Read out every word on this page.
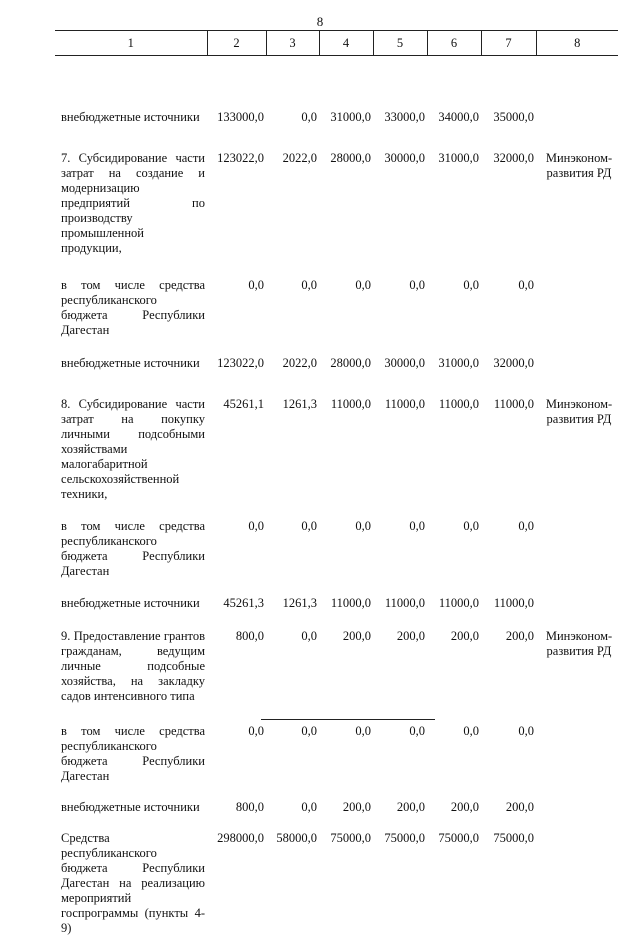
8
1	2	3	4	5	6	7	8

внебюджетные источники	133000,0	0,0	31000,0	33000,0	34000,0	35000,0	

7. Субсидирование части затрат на создание и модернизацию предприятий по производству промышленной продукции,	123022,0	2022,0	28000,0	30000,0	31000,0	32000,0	Минэкономразвития РД

в том числе средства республиканского бюджета Республики Дагестан	0,0	0,0	0,0	0,0	0,0	0,0	

внебюджетные источники	123022,0	2022,0	28000,0	30000,0	31000,0	32000,0	

8. Субсидирование части затрат на покупку личными подсобными хозяйствами малогабаритной сельскохозяйственной техники,	45261,1	1261,3	11000,0	11000,0	11000,0	11000,0	Минэкономразвития РД

в том числе средства республиканского бюджета Республики Дагестан	0,0	0,0	0,0	0,0	0,0	0,0	

внебюджетные источники	45261,3	1261,3	11000,0	11000,0	11000,0	11000,0	

9. Предоставление грантов гражданам, ведущим личные подсобные хозяйства, на закладку садов интенсивного типа	800,0	0,0	200,0	200,0	200,0	200,0	Минэкономразвития РД

в том числе средства республиканского бюджета Республики Дагестан	0,0	0,0	0,0	0,0	0,0	0,0	

внебюджетные источники	800,0	0,0	200,0	200,0	200,0	200,0	

Средства республиканского бюджета Республики Дагестан на реализацию мероприятий госпрограммы (пункты 4-9)	298000,0	58000,0	75000,0	75000,0	75000,0	75000,0	
